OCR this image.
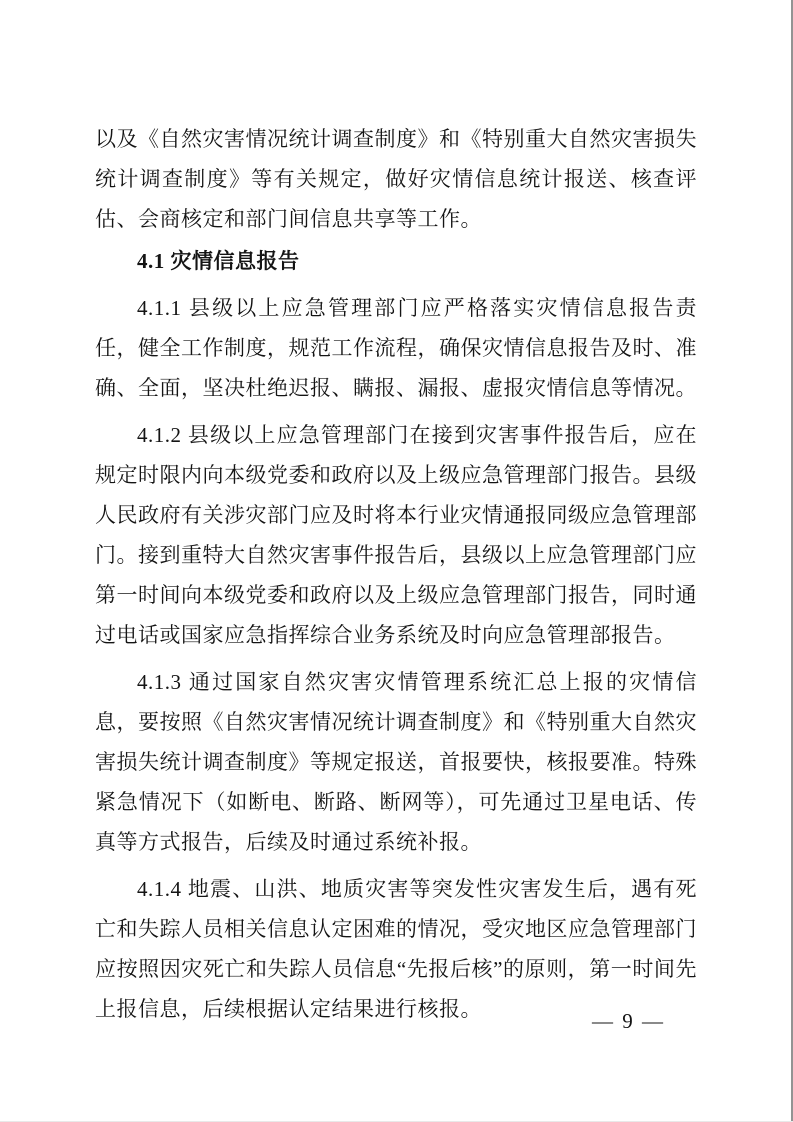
以及《自然灾害情况统计调查制度》和《特别重大自然灾害损失统计调查制度》等有关规定，做好灾情信息统计报送、核查评估、会商核定和部门间信息共享等工作。

4.1 灾情信息报告

4.1.1 县级以上应急管理部门应严格落实灾情信息报告责任，健全工作制度，规范工作流程，确保灾情信息报告及时、准确、全面，坚决杜绝迟报、瞒报、漏报、虚报灾情信息等情况。

4.1.2 县级以上应急管理部门在接到灾害事件报告后，应在规定时限内向本级党委和政府以及上级应急管理部门报告。县级人民政府有关涉灾部门应及时将本行业灾情通报同级应急管理部门。接到重特大自然灾害事件报告后，县级以上应急管理部门应第一时间向本级党委和政府以及上级应急管理部门报告，同时通过电话或国家应急指挥综合业务系统及时向应急管理部报告。

4.1.3 通过国家自然灾害灾情管理系统汇总上报的灾情信息，要按照《自然灾害情况统计调查制度》和《特别重大自然灾害损失统计调查制度》等规定报送，首报要快，核报要准。特殊紧急情况下（如断电、断路、断网等），可先通过卫星电话、传真等方式报告，后续及时通过系统补报。

4.1.4 地震、山洪、地质灾害等突发性灾害发生后，遇有死亡和失踪人员相关信息认定困难的情况，受灾地区应急管理部门应按照因灾死亡和失踪人员信息“先报后核”的原则，第一时间先上报信息，后续根据认定结果进行核报。	— 9 —
